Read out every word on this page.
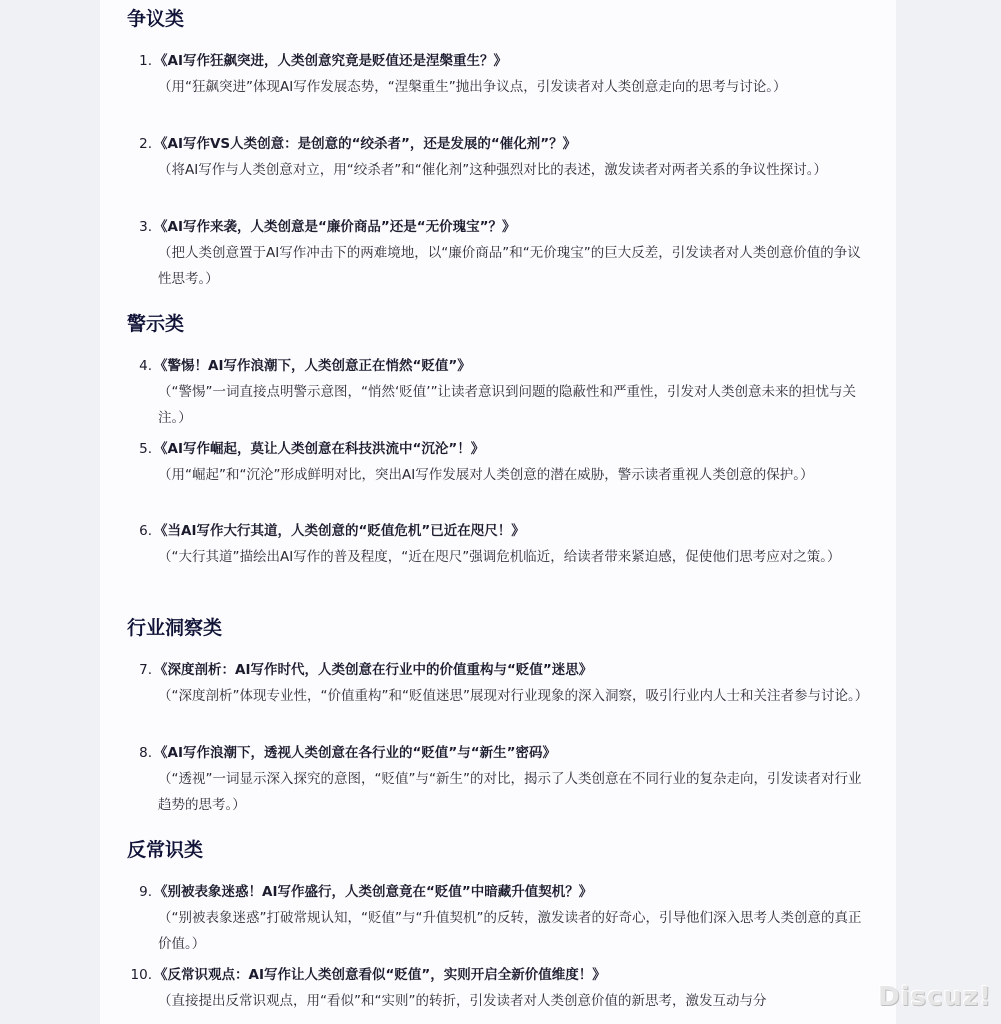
争议类
1. 《AI写作狂飙突进，人类创意究竟是贬值还是涅槃重生？》

（用“狂飙突进”体现AI写作发展态势，“涅槃重生”抛出争议点，引发读者对人类创意走向的思考与讨论。）

2. 《AI写作VS人类创意：是创意的“绞杀者”，还是发展的“催化剂”？》

（将AI写作与人类创意对立，用“绞杀者”和“催化剂”这种强烈对比的表述，激发读者对两者关系的争议性探讨。）

3. 《AI写作来袭，人类创意是“廉价商品”还是“无价瑰宝”？》

（把人类创意置于AI写作冲击下的两难境地，以“廉价商品”和“无价瑰宝”的巨大反差，引发读者对人类创意价值的争议性思考。）

警示类
4. 《警惕！AI写作浪潮下，人类创意正在悄然“贬值”》

（“警惕”一词直接点明警示意图，“悄然‘贬值’”让读者意识到问题的隐蔽性和严重性，引发对人类创意未来的担忧与关注。）

5. 《AI写作崛起，莫让人类创意在科技洪流中“沉沦”！》

（用“崛起”和“沉沦”形成鲜明对比，突出AI写作发展对人类创意的潜在威胁，警示读者重视人类创意的保护。）

6. 《当AI写作大行其道，人类创意的“贬值危机”已近在咫尺！》

（“大行其道”描绘出AI写作的普及程度，“近在咫尺”强调危机临近，给读者带来紧迫感，促使他们思考应对之策。）

行业洞察类
7. 《深度剖析：AI写作时代，人类创意在行业中的价值重构与“贬值”迷思》

（“深度剖析”体现专业性，“价值重构”和“贬值迷思”展现对行业现象的深入洞察，吸引行业内人士和关注者参与讨论。）

8. 《AI写作浪潮下，透视人类创意在各行业的“贬值”与“新生”密码》

（“透视”一词显示深入探究的意图，“贬值”与“新生”的对比，揭示了人类创意在不同行业的复杂走向，引发读者对行业趋势的思考。）

反常识类
9. 《别被表象迷惑！AI写作盛行，人类创意竟在“贬值”中暗藏升值契机？》

（“别被表象迷惑”打破常规认知，“贬值”与“升值契机”的反转，激发读者的好奇心，引导他们深入思考人类创意的真正价值。）

10. 《反常识观点：AI写作让人类创意看似“贬值”，实则开启全新价值维度！》

（直接提出反常识观点，用“看似”和“实则”的转折，引发读者对人类创意价值的新思考，激发互动与分	Discuz!
